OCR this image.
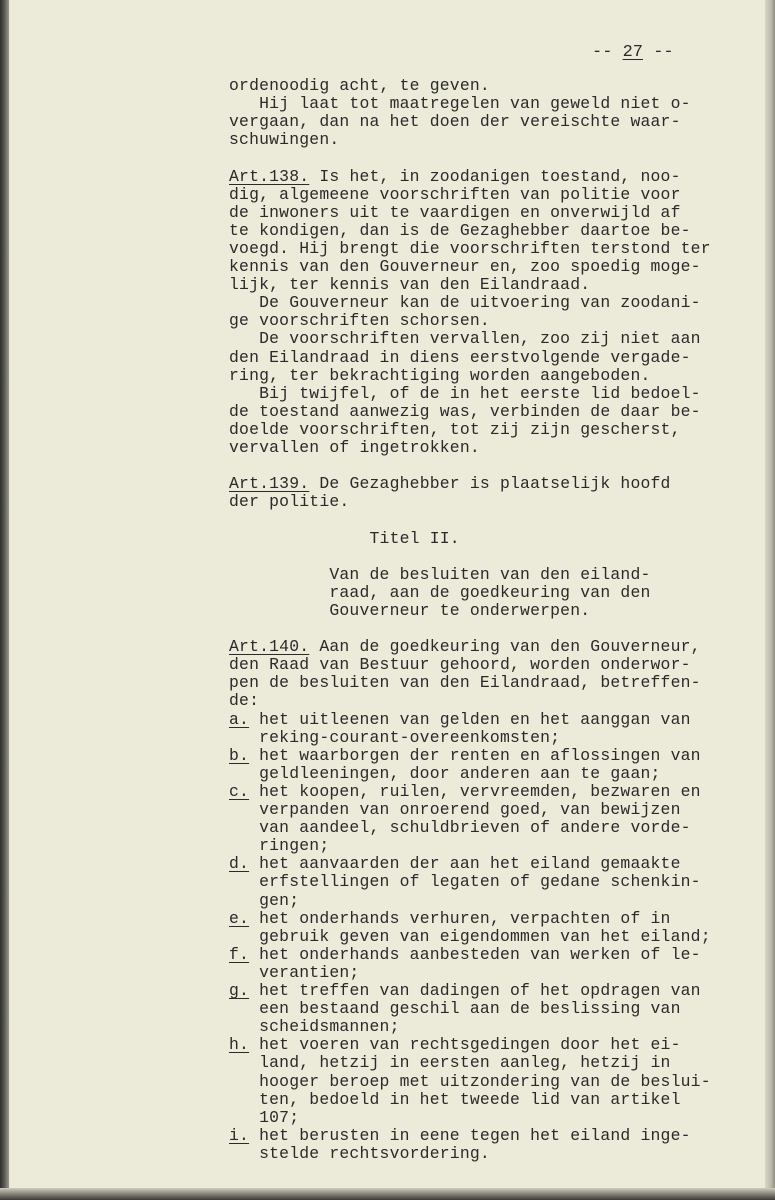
-- 27 --
ordenoodig acht, te geven.
Hij laat tot maatregelen van geweld niet o-
vergaan, dan na het doen der vereischte waar-
schuwingen.
Art.138. Is het, in zoodanigen toestand, noo-
dig, algemeene voorschriften van politie voor
de inwoners uit te vaardigen en onverwijld af
te kondigen, dan is de Gezaghebber daartoe be-
voegd. Hij brengt die voorschriften terstond ter
kennis van den Gouverneur en, zoo spoedig moge-
lijk, ter kennis van den Eilandraad.
De Gouverneur kan de uitvoering van zoodani-
ge voorschriften schorsen.
De voorschriften vervallen, zoo zij niet aan
den Eilandraad in diens eerstvolgende vergade-
ring, ter bekrachtiging worden aangeboden.
Bij twijfel, of de in het eerste lid bedoel-
de toestand aanwezig was, verbinden de daar be-
doelde voorschriften, tot zij zijn gescherst,
vervallen of ingetrokken.
Art.139. De Gezaghebber is plaatselijk hoofd
der politie.
Titel II.
Van de besluiten van den eiland-
raad, aan de goedkeuring van den
Gouverneur te onderwerpen.
Art.140. Aan de goedkeuring van den Gouverneur,
den Raad van Bestuur gehoord, worden onderwor-
pen de besluiten van den Eilandraad, betreffen-
de:
a. het uitleenen van gelden en het aanggan van
reking-courant-overeenkomsten;
b. het waarborgen der renten en aflossingen van
geldleeningen, door anderen aan te gaan;
c. het koopen, ruilen, vervreemden, bezwaren en
verpanden van onroerend goed, van bewijzen
van aandeel, schuldbrieven of andere vorde-
ringen;
d. het aanvaarden der aan het eiland gemaakte
erfstellingen of legaten of gedane schenkin-
gen;
e. het onderhands verhuren, verpachten of in
gebruik geven van eigendommen van het eiland;
f. het onderhands aanbesteden van werken of le-
verantien;
g. het treffen van dadingen of het opdragen van
een bestaand geschil aan de beslissing van
scheidsmannen;
h. het voeren van rechtsgedingen door het ei-
land, hetzij in eersten aanleg, hetzij in
hooger beroep met uitzondering van de beslui-
ten, bedoeld in het tweede lid van artikel
107;
i. het berusten in eene tegen het eiland inge-
stelde rechtsvordering.
